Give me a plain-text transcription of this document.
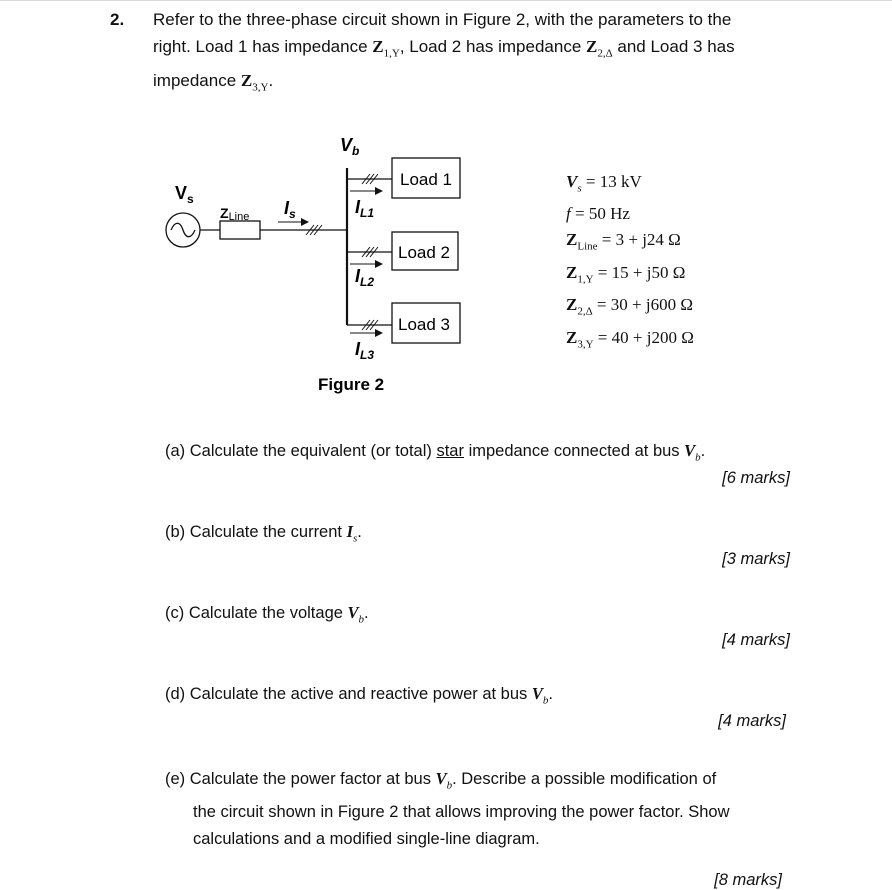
2. Refer to the three-phase circuit shown in Figure 2, with the parameters to the
right. Load 1 has impedance $Z_{1,Y}$, Load 2 has impedance $Z_{2,\Delta}$ and Load 3 has
impedance $Z_{3,Y}$.
$V_b$
$V_s$
ZLine $I_s$	$I_{L1}$
Load 1
$I_{L2}$
Load 2
$I_{L3}$
Load 3
Figure 2
$V_s = 13$ kV
f = 50 Hz
$Z_{Line} = 3 + j24$ Ω
$Z_{1,Y} = 15 + j50$ Ω
$Z_{2,\Delta} = 30 + j600$ Ω
$Z_{3,Y} = 40 + j200$ Ω
(a) Calculate the equivalent (or total) star impedance connected at bus $V_b$.
[6 marks]
(b) Calculate the current $I_s$.
[3 marks]
(c) Calculate the voltage $V_b$.
[4 marks]
(d) Calculate the active and reactive power at bus $V_b$.
[4 marks]
(e) Calculate the power factor at bus $V_b$. Describe a possible modification of
the circuit shown in Figure 2 that allows improving the power factor. Show
calculations and a modified single-line diagram.
[8 marks]
